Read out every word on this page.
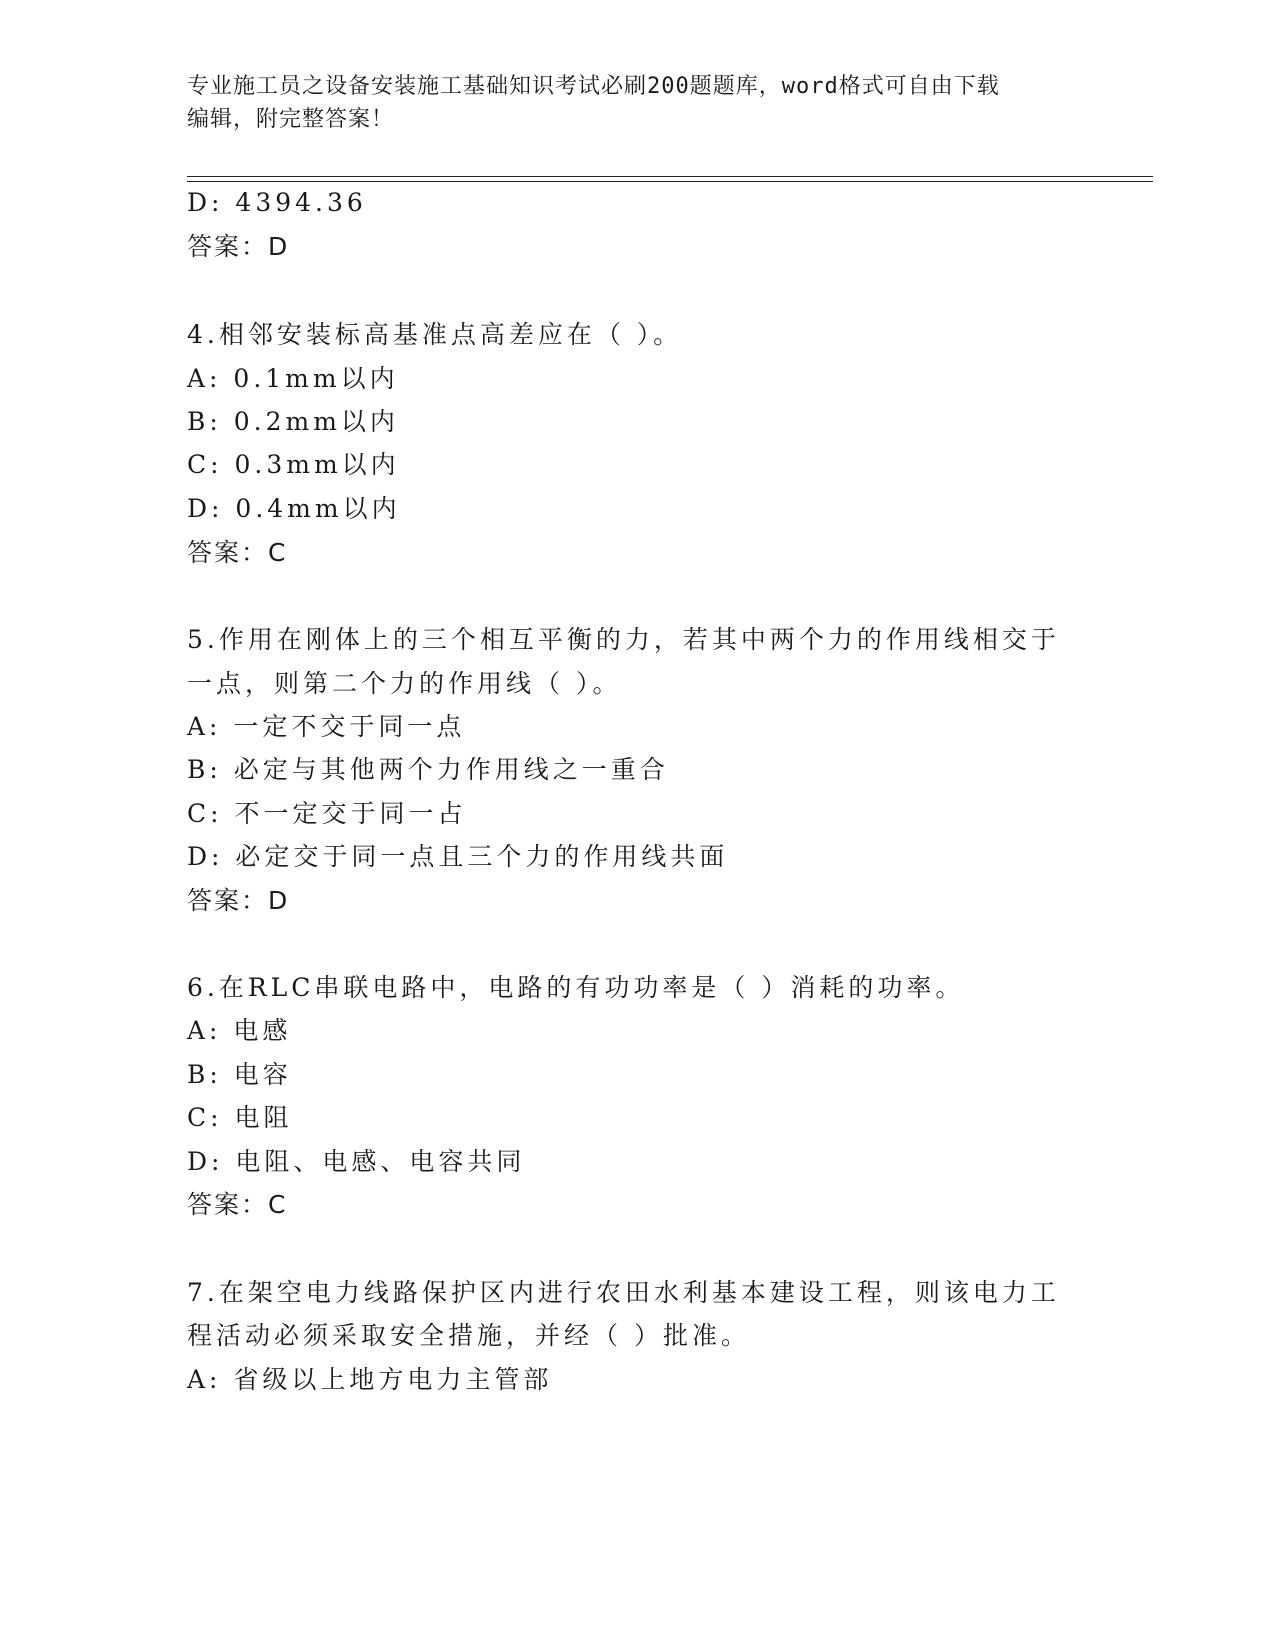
专业施工员之设备安装施工基础知识考试必刷200题题库，word格式可自由下载
编辑，附完整答案！
D: 4394.36
答案：D
4.相邻安装标高基准点高差应在（ ）。
A: 0.1mm以内
B: 0.2mm以内
C: 0.3mm以内
D: 0.4mm以内
答案：C
5.作用在刚体上的三个相互平衡的力，若其中两个力的作用线相交于
一点，则第二个力的作用线（ ）。
A: 一定不交于同一点
B: 必定与其他两个力作用线之一重合
C: 不一定交于同一占
D: 必定交于同一点且三个力的作用线共面
答案：D
6.在RLC串联电路中，电路的有功功率是（ ）消耗的功率。
A: 电感
B: 电容
C: 电阻
D: 电阻、电感、电容共同
答案：C
7.在架空电力线路保护区内进行农田水利基本建设工程，则该电力工
程活动必须采取安全措施，并经（ ）批准。
A: 省级以上地方电力主管部
